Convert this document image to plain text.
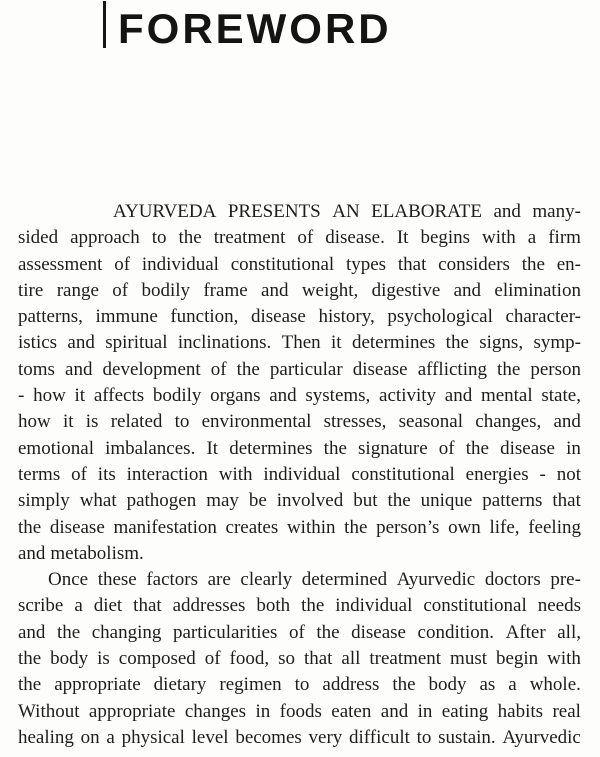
FOREWORD
AYURVEDA PRESENTS AN ELABORATE and many-
sided approach to the treatment of disease. It begins with a firm
assessment of individual constitutional types that considers the en-
tire range of bodily frame and weight, digestive and elimination
patterns, immune function, disease history, psychological character-
istics and spiritual inclinations. Then it determines the signs, symp-
toms and development of the particular disease afflicting the person
- how it affects bodily organs and systems, activity and mental state,
how it is related to environmental stresses, seasonal changes, and
emotional imbalances. It determines the signature of the disease in
terms of its interaction with individual constitutional energies - not
simply what pathogen may be involved but the unique patterns that
the disease manifestation creates within the person’s own life, feeling
and metabolism.
Once these factors are clearly determined Ayurvedic doctors pre-
scribe a diet that addresses both the individual constitutional needs
and the changing particularities of the disease condition. After all,
the body is composed of food, so that all treatment must begin with
the appropriate dietary regimen to address the body as a whole.
Without appropriate changes in foods eaten and in eating habits real
healing on a physical level becomes very difficult to sustain. Ayurvedic
